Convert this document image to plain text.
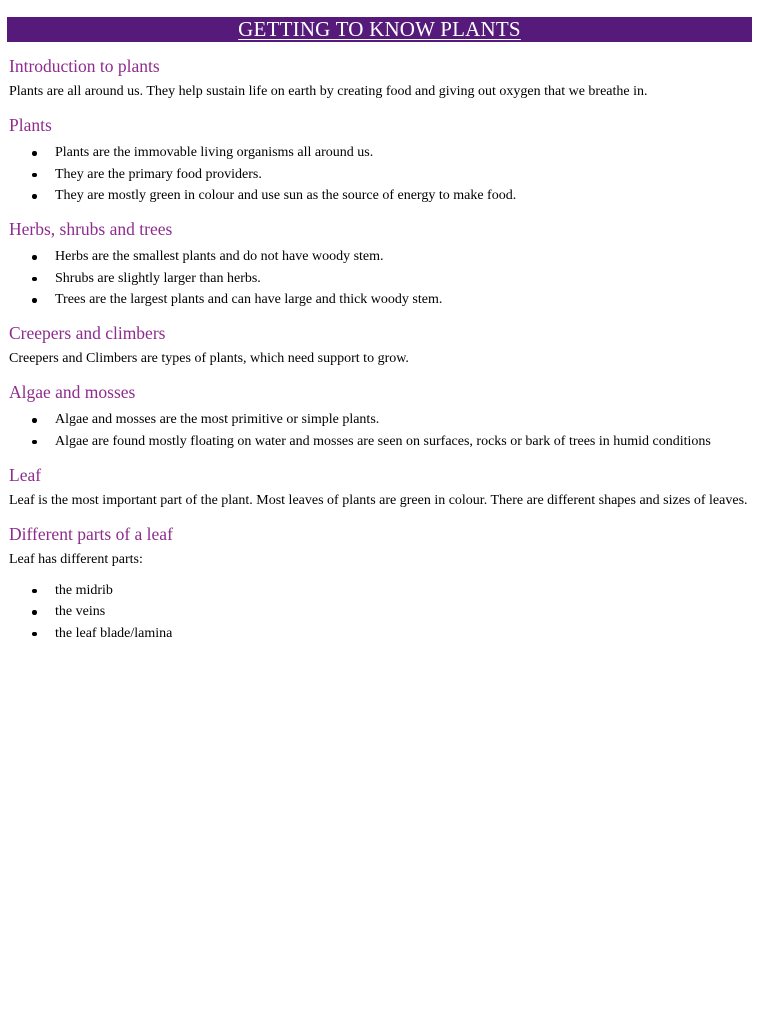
GETTING TO KNOW PLANTS
Introduction to plants

Plants are all around us. They help sustain life on earth by creating food and giving out oxygen that we breathe in.

Plants
Plants are the immovable living organisms all around us.
They are the primary food providers.
They are mostly green in colour and use sun as the source of energy to make food.
Herbs, shrubs and trees
Herbs are the smallest plants and do not have woody stem.
Shrubs are slightly larger than herbs.
Trees are the largest plants and can have large and thick woody stem.
Creepers and climbers

Creepers and Climbers are types of plants, which need support to grow.

Algae and mosses
Algae and mosses are the most primitive or simple plants.
Algae are found mostly floating on water and mosses are seen on surfaces, rocks or bark of trees in humid conditions
Leaf

Leaf is the most important part of the plant. Most leaves of plants are green in colour. There are different shapes and sizes of leaves.

Different parts of a leaf

Leaf has different parts:

the midrib
the veins
the leaf blade/lamina
